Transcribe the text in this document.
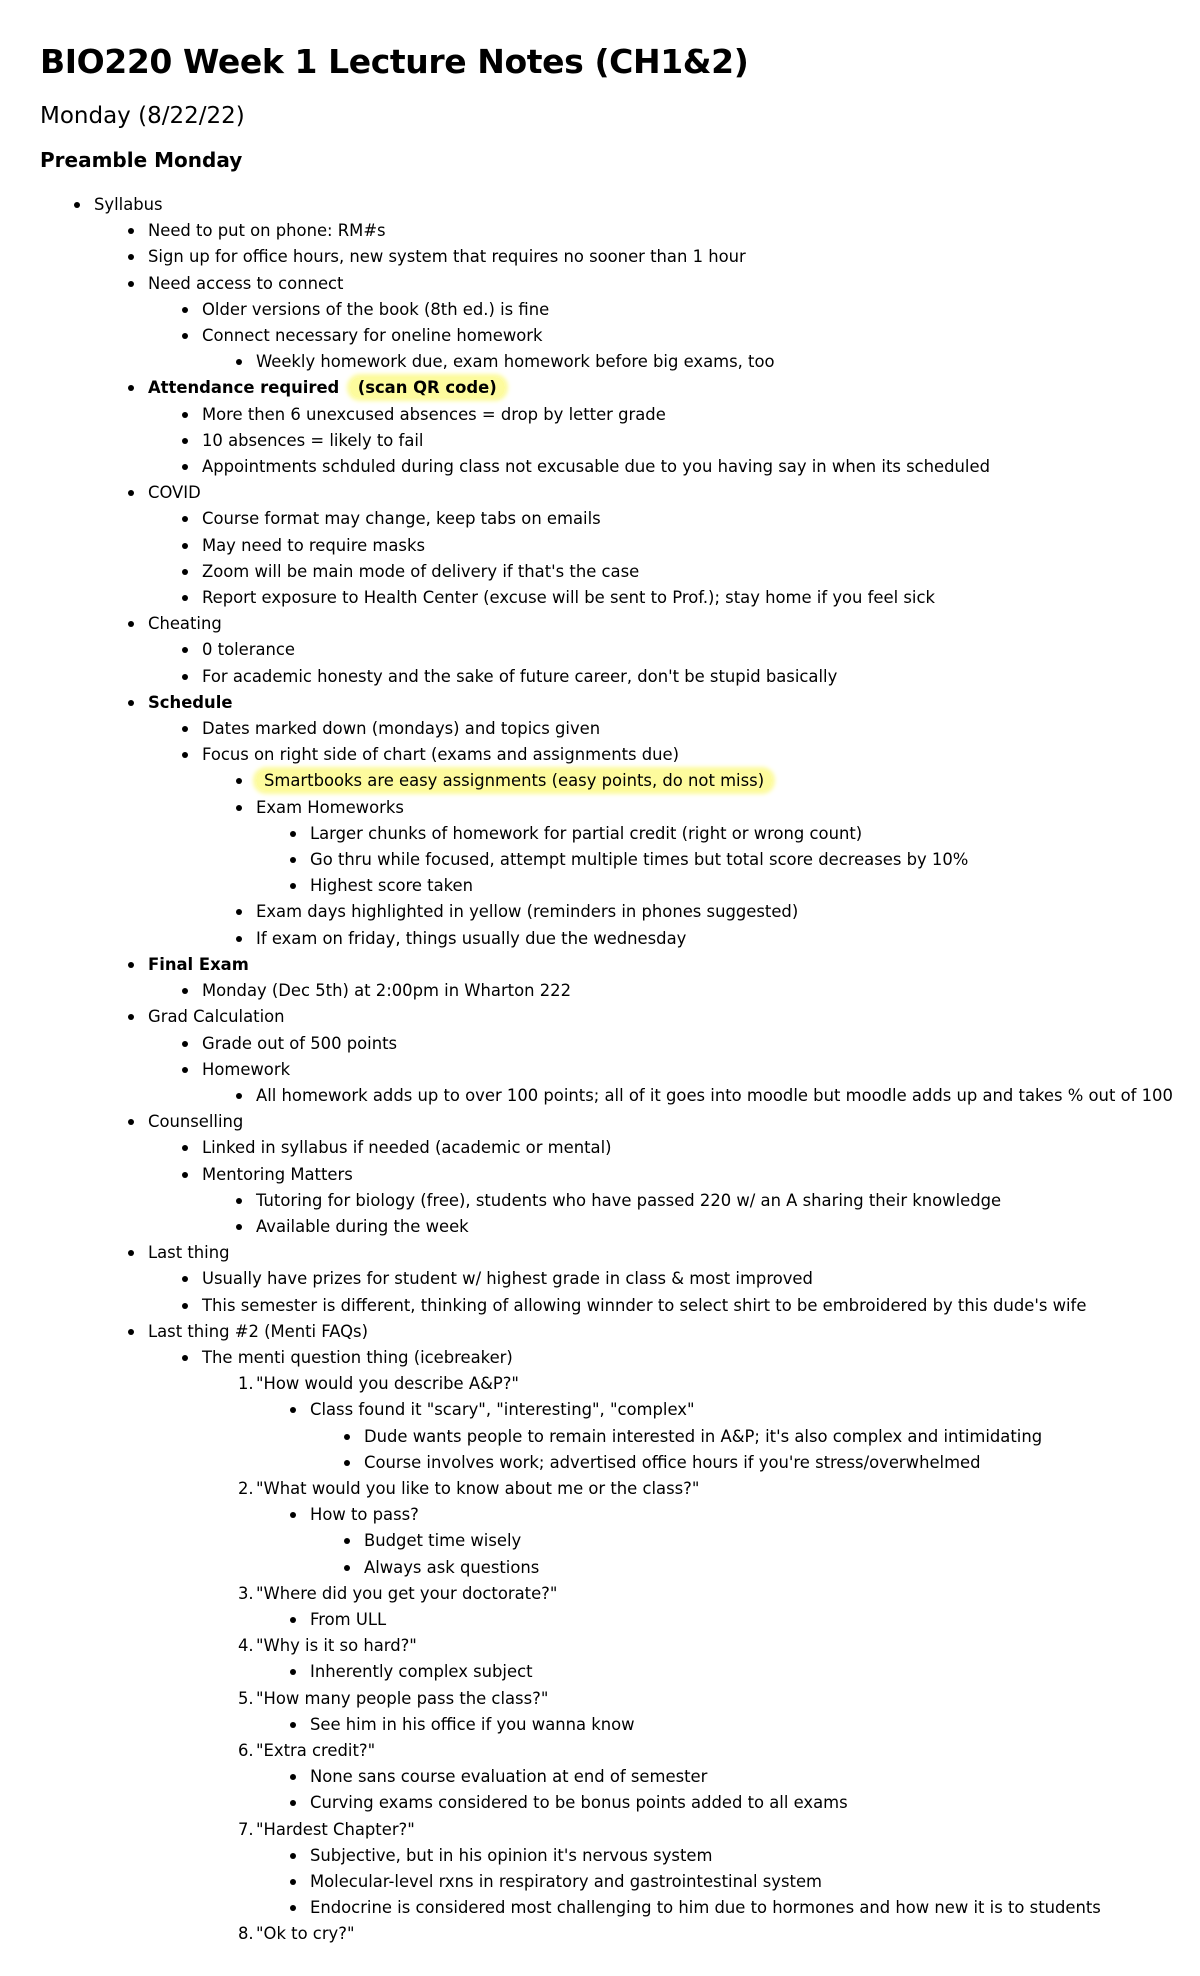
BIO220 Week 1 Lecture Notes (CH1&2)
Monday (8/22/22)
Preamble Monday
Syllabus
Need to put on phone: RM#s
Sign up for office hours, new system that requires no sooner than 1 hour
Need access to connect
Older versions of the book (8th ed.) is fine
Connect necessary for oneline homework
Weekly homework due, exam homework before big exams, too
Attendance required (scan QR code)
More then 6 unexcused absences = drop by letter grade
10 absences = likely to fail
Appointments schduled during class not excusable due to you having say in when its scheduled
COVID
Course format may change, keep tabs on emails
May need to require masks
Zoom will be main mode of delivery if that's the case
Report exposure to Health Center (excuse will be sent to Prof.); stay home if you feel sick
Cheating
0 tolerance
For academic honesty and the sake of future career, don't be stupid basically
Schedule
Dates marked down (mondays) and topics given
Focus on right side of chart (exams and assignments due)
Smartbooks are easy assignments (easy points, do not miss)
Exam Homeworks
Larger chunks of homework for partial credit (right or wrong count)
Go thru while focused, attempt multiple times but total score decreases by 10%
Highest score taken
Exam days highlighted in yellow (reminders in phones suggested)
If exam on friday, things usually due the wednesday
Final Exam
Monday (Dec 5th) at 2:00pm in Wharton 222
Grad Calculation
Grade out of 500 points
Homework
All homework adds up to over 100 points; all of it goes into moodle but moodle adds up and takes % out of 100
Counselling
Linked in syllabus if needed (academic or mental)
Mentoring Matters
Tutoring for biology (free), students who have passed 220 w/ an A sharing their knowledge
Available during the week
Last thing
Usually have prizes for student w/ highest grade in class & most improved
This semester is different, thinking of allowing winnder to select shirt to be embroidered by this dude's wife
Last thing #2 (Menti FAQs)
The menti question thing (icebreaker)
1. "How would you describe A&P?"
Class found it "scary", "interesting", "complex"
Dude wants people to remain interested in A&P; it's also complex and intimidating
Course involves work; advertised office hours if you're stress/overwhelmed
2. "What would you like to know about me or the class?"
How to pass?
Budget time wisely
Always ask questions
3. "Where did you get your doctorate?"
From ULL
4. "Why is it so hard?"
Inherently complex subject
5. "How many people pass the class?"
See him in his office if you wanna know
6. "Extra credit?"
None sans course evaluation at end of semester
Curving exams considered to be bonus points added to all exams
7. "Hardest Chapter?"
Subjective, but in his opinion it's nervous system
Molecular-level rxns in respiratory and gastrointestinal system
Endocrine is considered most challenging to him due to hormones and how new it is to students
8. "Ok to cry?"
